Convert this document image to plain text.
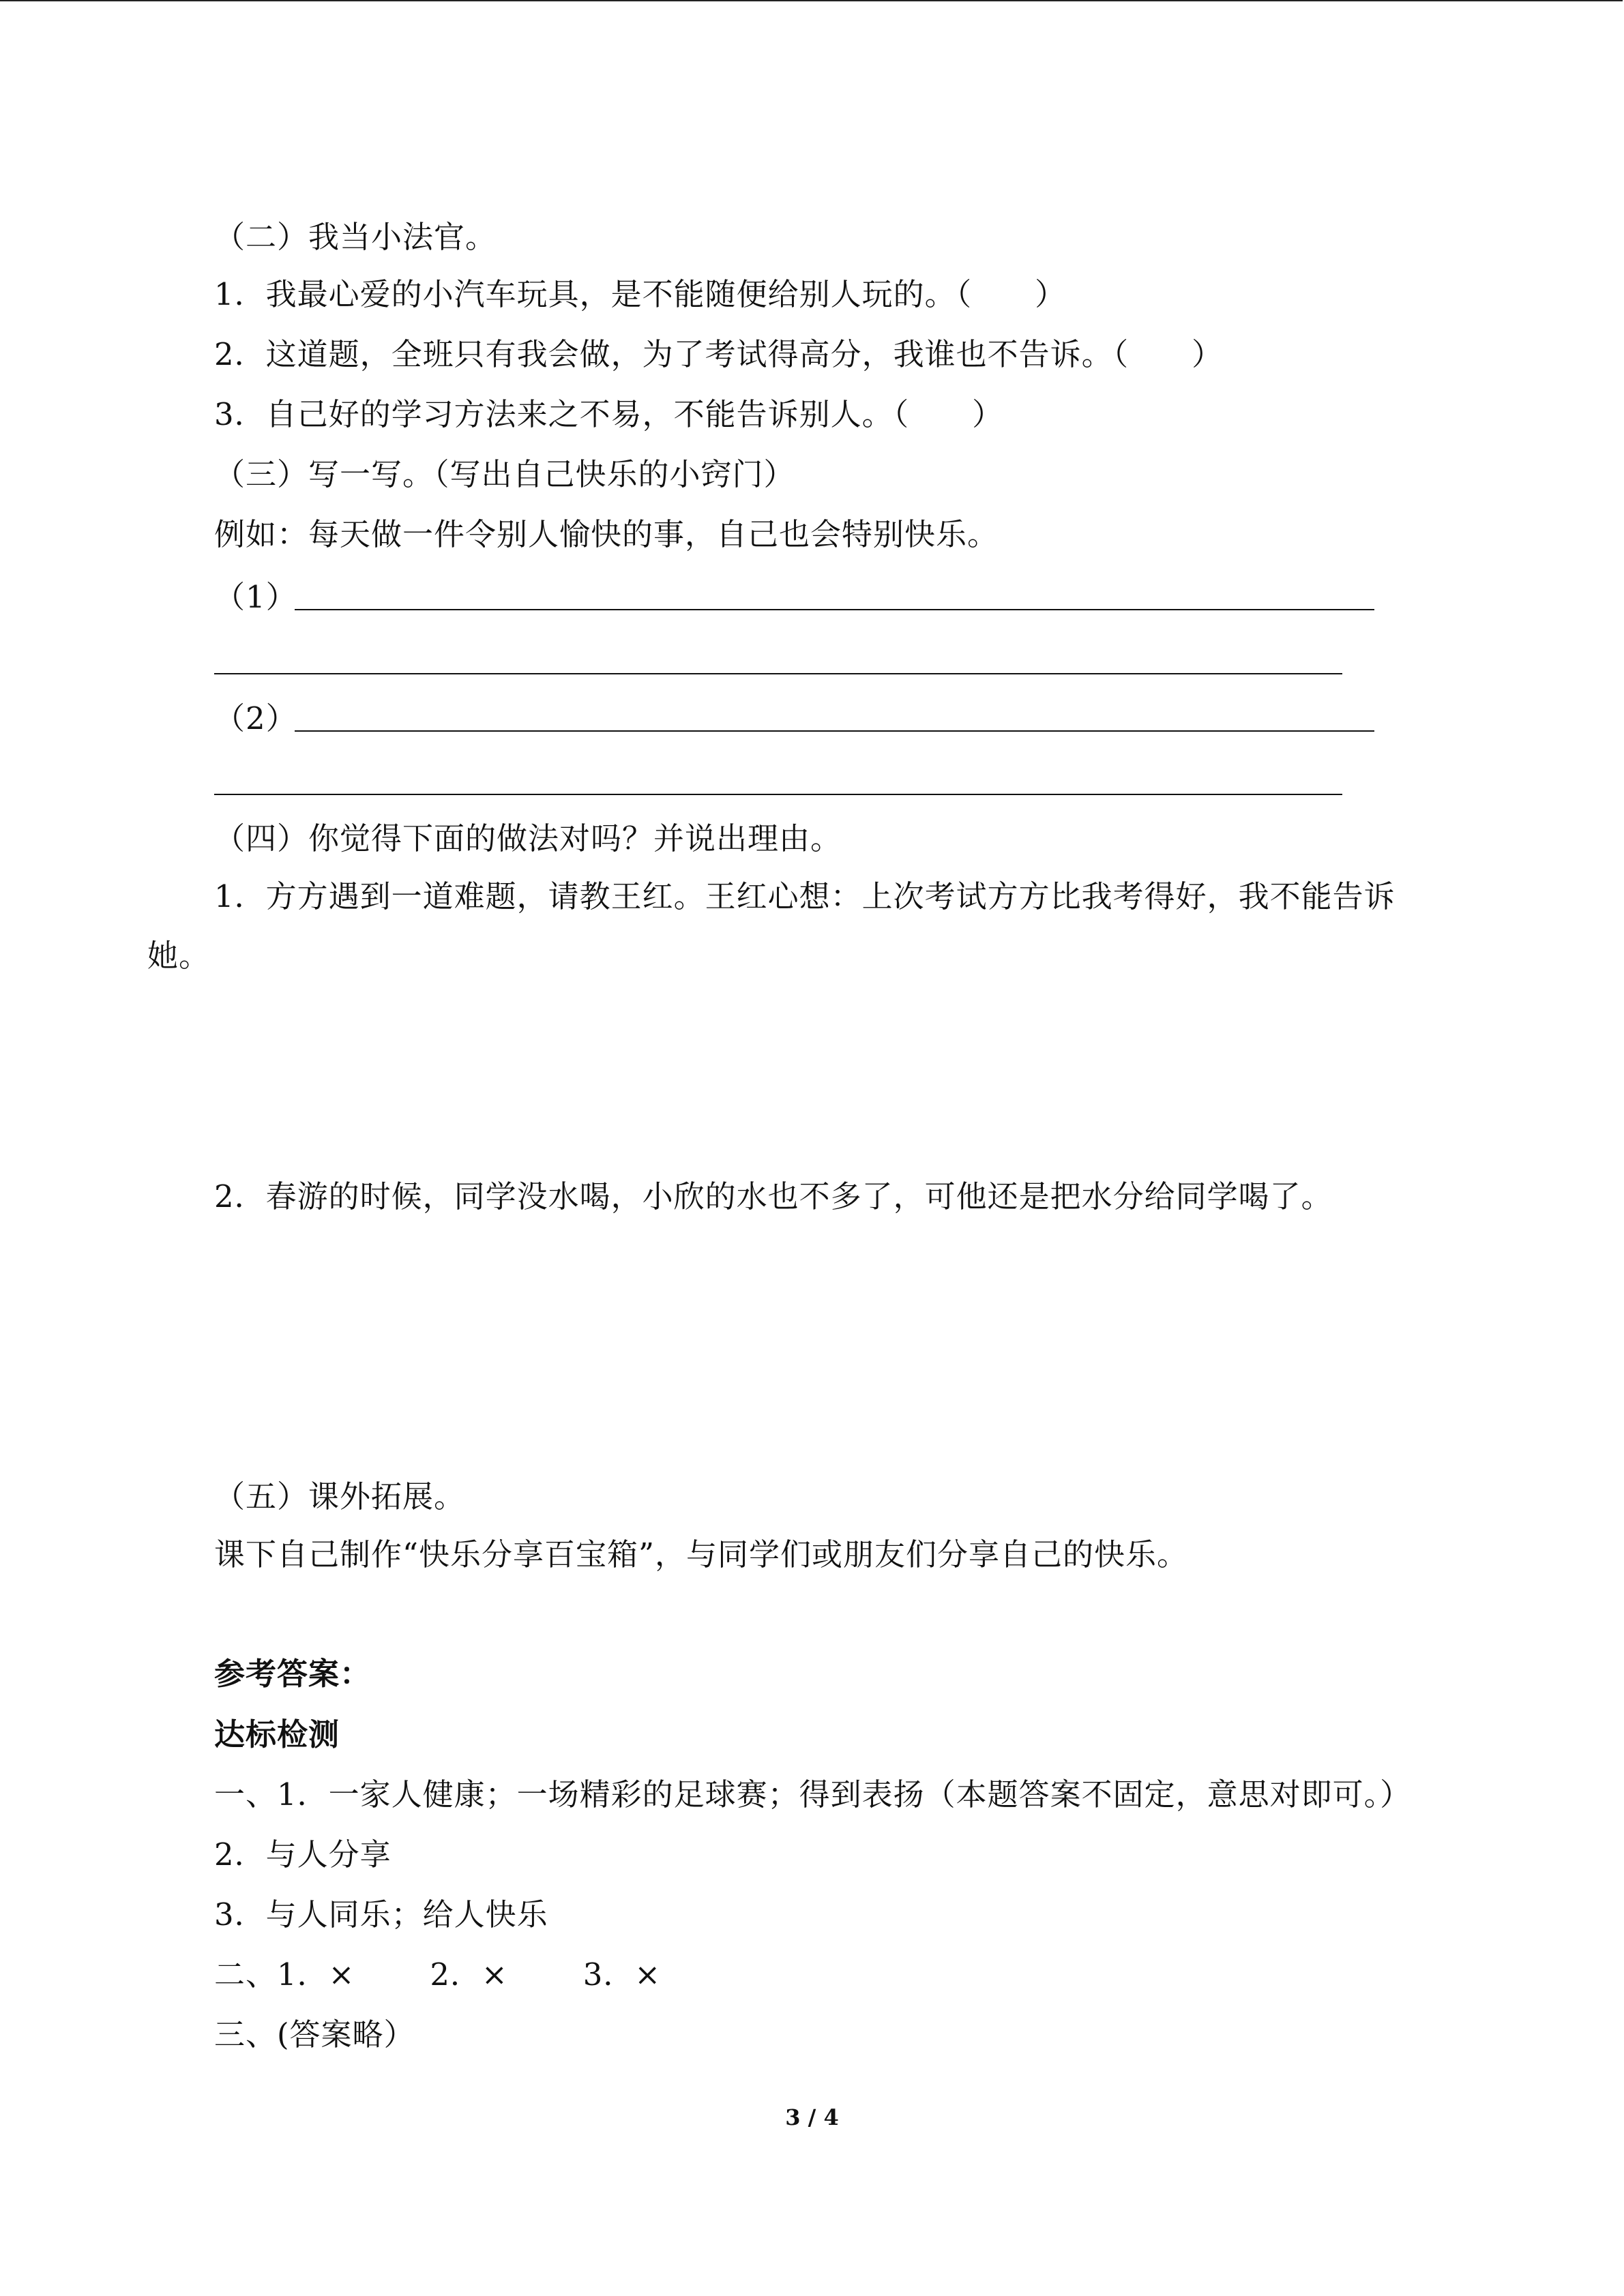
（二）我当小法官。
1．我最心爱的小汽车玩具，是不能随便给别人玩的。（　　）
2．这道题，全班只有我会做，为了考试得高分，我谁也不告诉。（　　）
3．自己好的学习方法来之不易，不能告诉别人。（　　）
（三）写一写。（写出自己快乐的小窍门）
例如：每天做一件令别人愉快的事，自己也会特别快乐。
（1）
（2）
（四）你觉得下面的做法对吗？并说出理由。
1．方方遇到一道难题，请教王红。王红心想：上次考试方方比我考得好，我不能告诉
她。
2．春游的时候，同学没水喝，小欣的水也不多了，可他还是把水分给同学喝了。
（五）课外拓展。
课下自己制作“快乐分享百宝箱”，与同学们或朋友们分享自己的快乐。
参考答案：
达标检测
一、1．一家人健康；一场精彩的足球赛；得到表扬（本题答案不固定，意思对即可。）
2．与人分享
3．与人同乐；给人快乐
二、1．× 2．× 3．×
三、(答案略）
3 / 4
